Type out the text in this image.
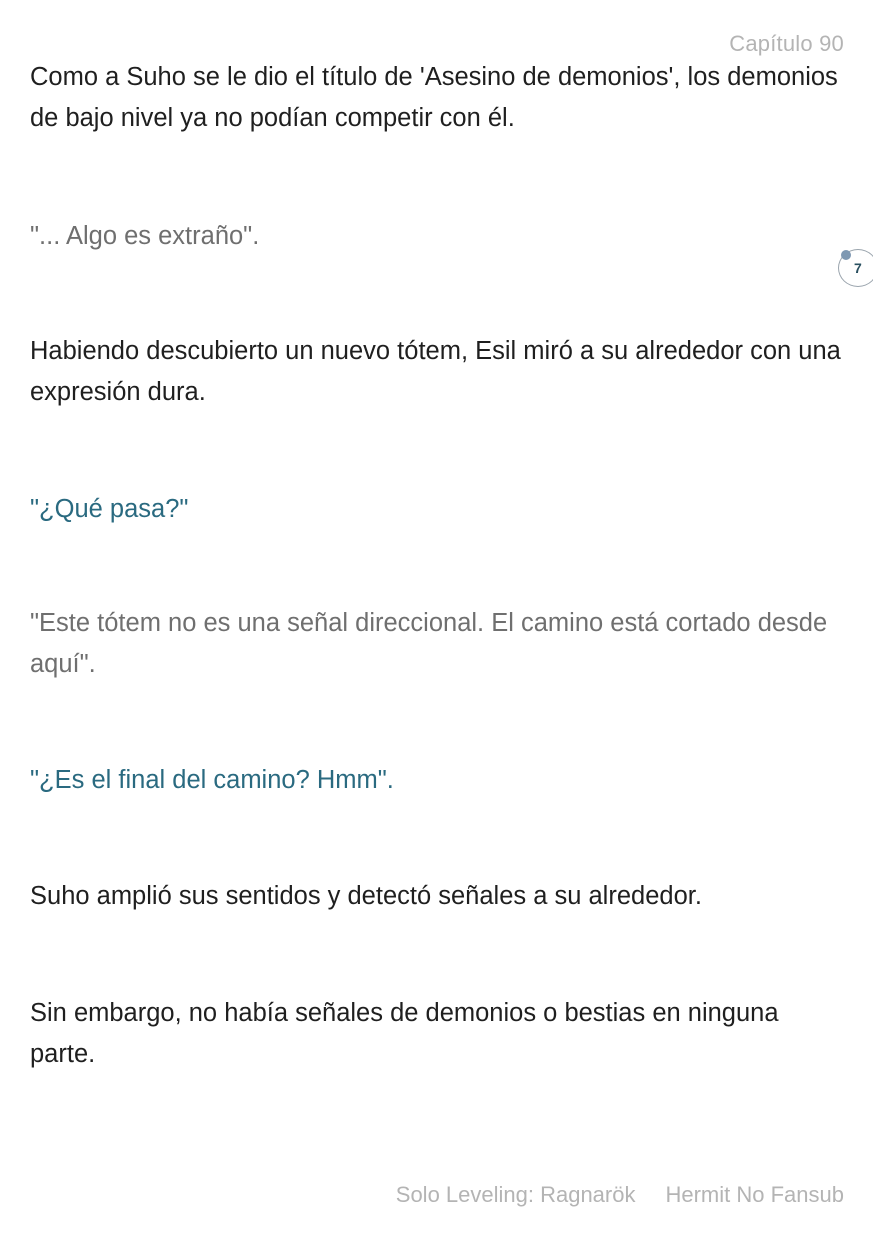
Capítulo 90

Como a Suho se le dio el título de 'Asesino de demonios', los demonios de bajo nivel ya no podían competir con él.

"... Algo es extraño".

7

Habiendo descubierto un nuevo tótem, Esil miró a su alrededor con una expresión dura.

"¿Qué pasa?"

"Este tótem no es una señal direccional. El camino está cortado desde aquí".

"¿Es el final del camino? Hmm".

Suho amplió sus sentidos y detectó señales a su alrededor.

Sin embargo, no había señales de demonios o bestias en ninguna parte.

Solo Leveling: Ragnarök Hermit No Fansub
